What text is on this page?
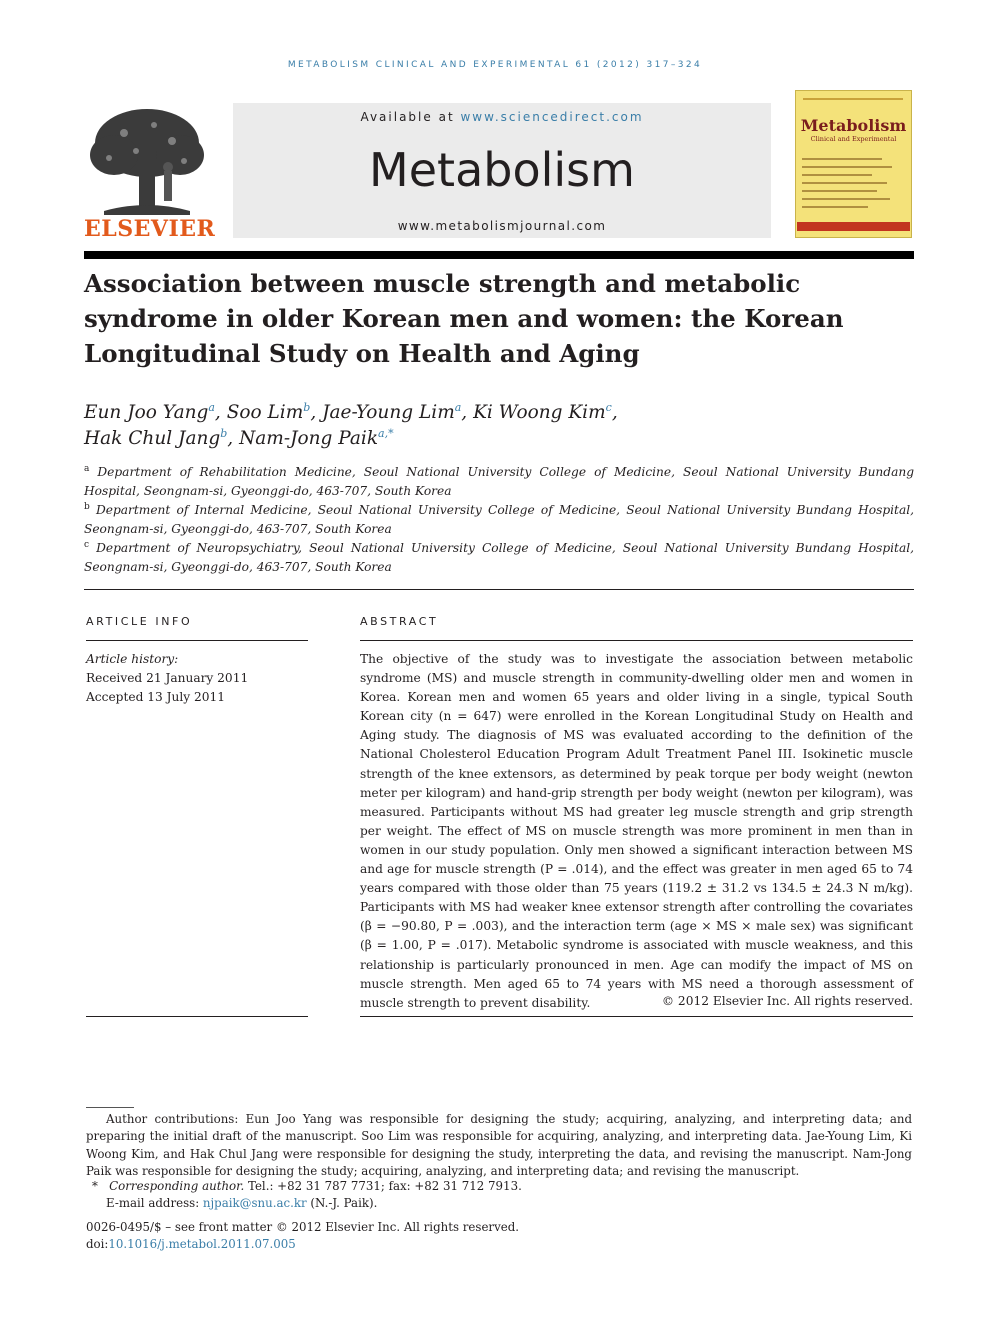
METABOLISM CLINICAL AND EXPERIMENTAL 61 (2012) 317–324
ELSEVIER
Available at www.sciencedirect.com
Metabolism
www.metabolismjournal.com
Metabolism
Clinical and Experimental
Association between muscle strength and metabolic syndrome in older Korean men and women: the Korean Longitudinal Study on Health and Aging
Eun Joo Yang$^a$, Soo Lim$^b$, Jae-Young Lim$^a$, Ki Woong Kim$^c$,
Hak Chul Jang$^b$, Nam-Jong Paik$^{a,*}$
$^a$ Department of Rehabilitation Medicine, Seoul National University College of Medicine, Seoul National University Bundang Hospital, Seongnam-si, Gyeonggi-do, 463-707, South Korea
$^b$ Department of Internal Medicine, Seoul National University College of Medicine, Seoul National University Bundang Hospital, Seongnam-si, Gyeonggi-do, 463-707, South Korea
$^c$ Department of Neuropsychiatry, Seoul National University College of Medicine, Seoul National University Bundang Hospital, Seongnam-si, Gyeonggi-do, 463-707, South Korea
ARTICLE INFO
Article history:
Received 21 January 2011
Accepted 13 July 2011
ABSTRACT

The objective of the study was to investigate the association between metabolic syndrome (MS) and muscle strength in community-dwelling older men and women in Korea. Korean men and women 65 years and older living in a single, typical South Korean city (n = 647) were enrolled in the Korean Longitudinal Study on Health and Aging study. The diagnosis of MS was evaluated according to the definition of the National Cholesterol Education Program Adult Treatment Panel III. Isokinetic muscle strength of the knee extensors, as determined by peak torque per body weight (newton meter per kilogram) and hand-grip strength per body weight (newton per kilogram), was measured. Participants without MS had greater leg muscle strength and grip strength per weight. The effect of MS on muscle strength was more prominent in men than in women in our study population. Only men showed a significant interaction between MS and age for muscle strength (P = .014), and the effect was greater in men aged 65 to 74 years compared with those older than 75 years (119.2 ± 31.2 vs 134.5 ± 24.3 N m/kg). Participants with MS had weaker knee extensor strength after controlling the covariates (β = −90.80, P = .003), and the interaction term (age × MS × male sex) was significant (β = 1.00, P = .017). Metabolic syndrome is associated with muscle weakness, and this relationship is particularly pronounced in men. Age can modify the impact of MS on muscle strength. Men aged 65 to 74 years with MS need a thorough assessment of muscle strength to prevent disability.	© 2012 Elsevier Inc. All rights reserved.
Author contributions: Eun Joo Yang was responsible for designing the study; acquiring, analyzing, and interpreting data; and preparing the initial draft of the manuscript. Soo Lim was responsible for acquiring, analyzing, and interpreting data. Jae-Young Lim, Ki Woong Kim, and Hak Chul Jang were responsible for designing the study, interpreting the data, and revising the manuscript. Nam-Jong Paik was responsible for designing the study; acquiring, analyzing, and interpreting data; and revising the manuscript.
* Corresponding author. Tel.: +82 31 787 7731; fax: +82 31 712 7913.
E-mail address: njpaik@snu.ac.kr (N.-J. Paik).
0026-0495/$ – see front matter © 2012 Elsevier Inc. All rights reserved.
doi:10.1016/j.metabol.2011.07.005
